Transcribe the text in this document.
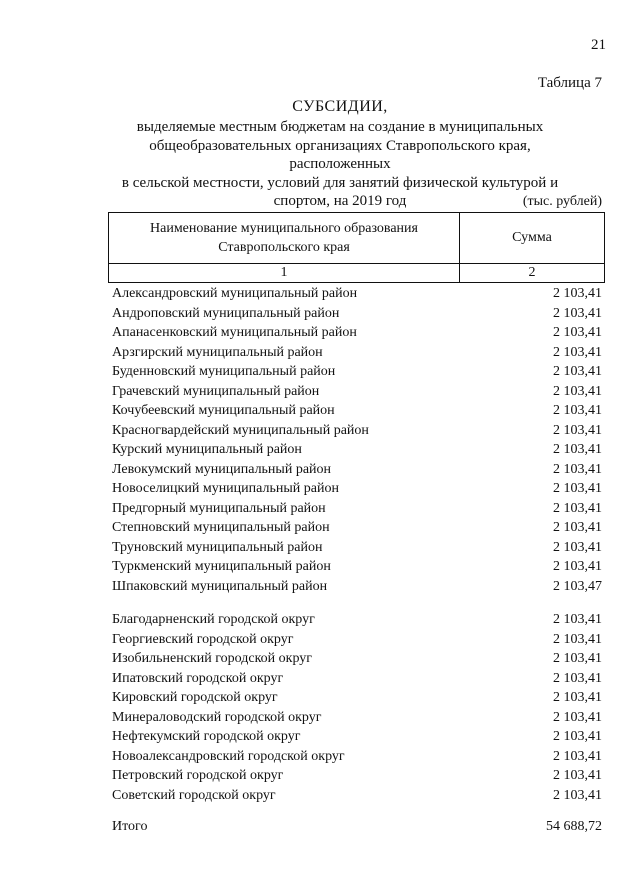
21
Таблица 7
СУБСИДИИ,
выделяемые местным бюджетам на создание в муниципальных
общеобразовательных организациях Ставропольского края, расположенных
в сельской местности, условий для занятий физической культурой и
спортом, на 2019 год	(тыс. рублей)
Наименование муниципального образования
Ставропольского края	Сумма
1	2
Александровский муниципальный район	2 103,41
Андроповский муниципальный район	2 103,41
Апанасенковский муниципальный район	2 103,41
Арзгирский муниципальный район	2 103,41
Буденновский муниципальный район	2 103,41
Грачевский муниципальный район	2 103,41
Кочубеевский муниципальный район	2 103,41
Красногвардейский муниципальный район	2 103,41
Курский муниципальный район	2 103,41
Левокумский муниципальный район	2 103,41
Новоселицкий муниципальный район	2 103,41
Предгорный муниципальный район	2 103,41
Степновский муниципальный район	2 103,41
Труновский муниципальный район	2 103,41
Туркменский муниципальный район	2 103,41
Шпаковский муниципальный район	2 103,47
Благодарненский городской округ	2 103,41
Георгиевский городской округ	2 103,41
Изобильненский городской округ	2 103,41
Ипатовский городской округ	2 103,41
Кировский городской округ	2 103,41
Минераловодский городской округ	2 103,41
Нефтекумский городской округ	2 103,41
Новоалександровский городской округ	2 103,41
Петровский городской округ	2 103,41
Советский городской округ	2 103,41
Итого	54 688,72
